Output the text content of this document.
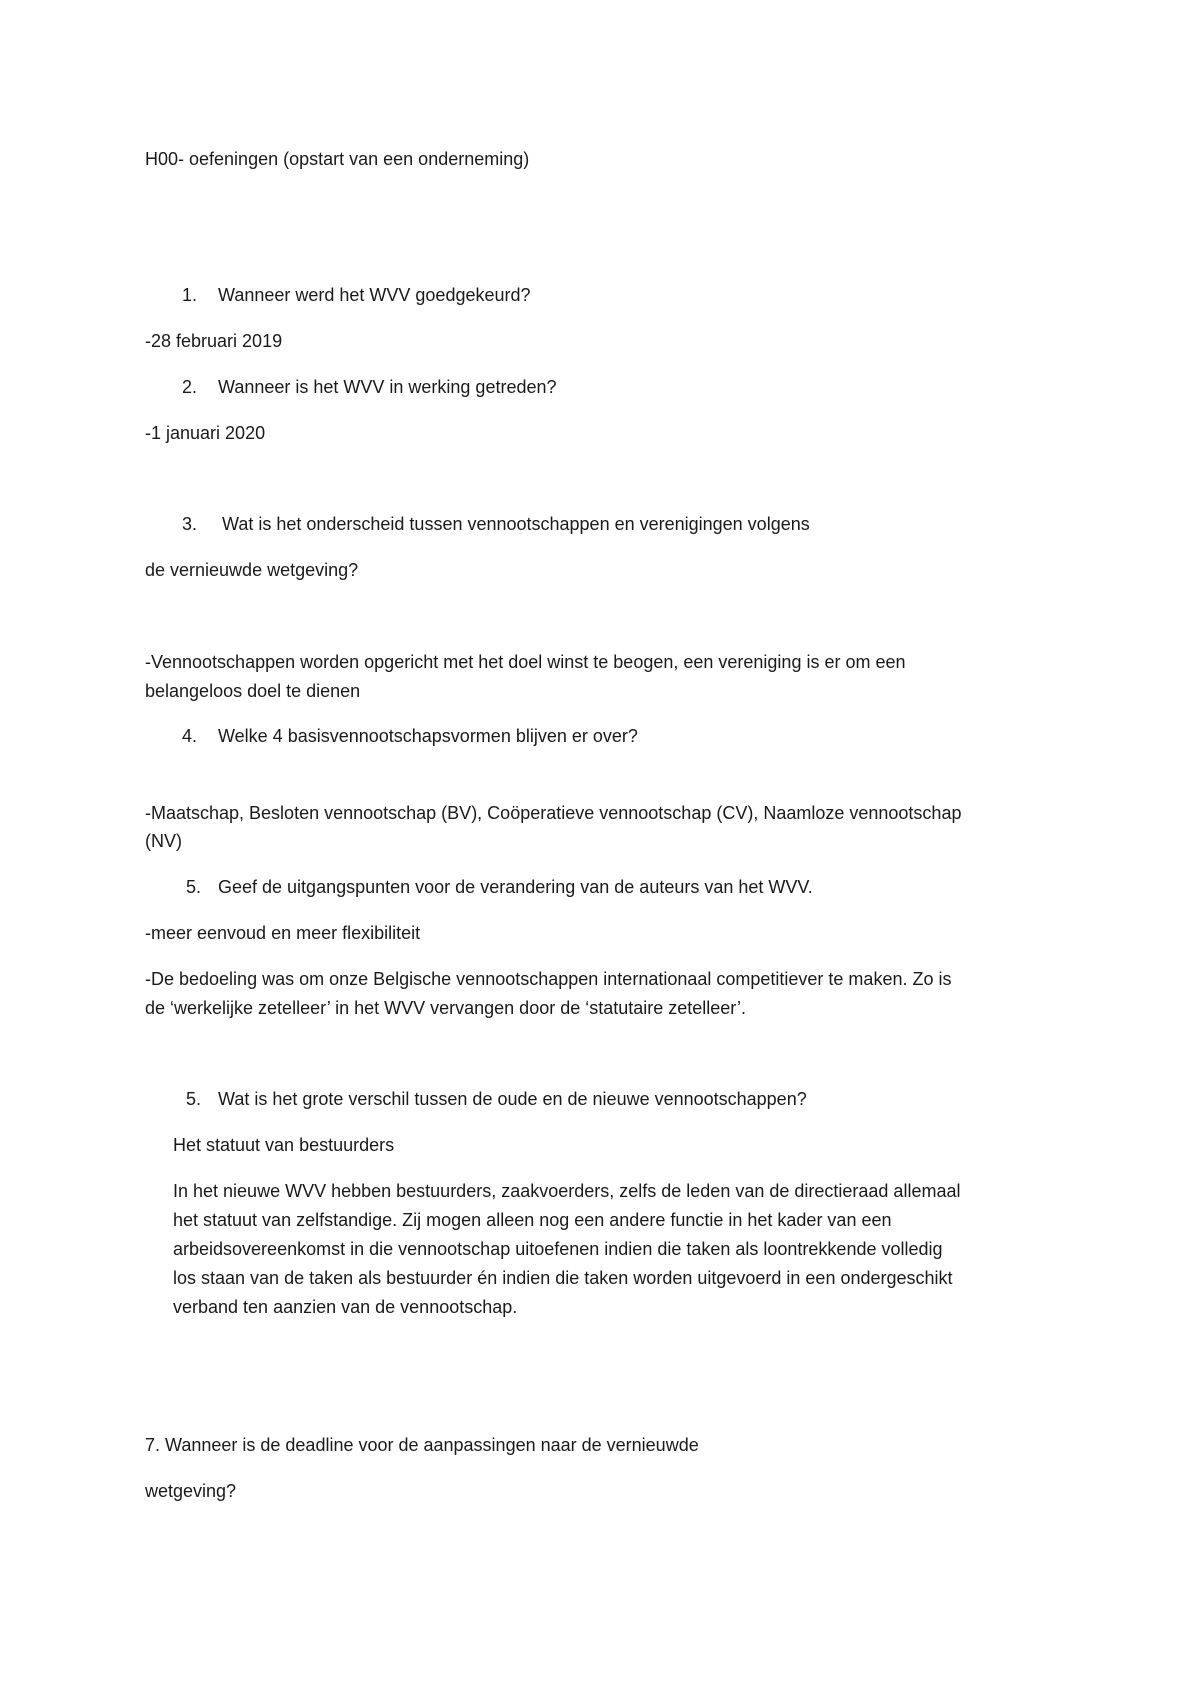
H00- oefeningen (opstart van een onderneming)
1. Wanneer werd het WVV goedgekeurd?
-28 februari 2019
2. Wanneer is het WVV in werking getreden?
-1 januari 2020
3. Wat is het onderscheid tussen vennootschappen en verenigingen volgens
de vernieuwde wetgeving?
-Vennootschappen worden opgericht met het doel winst te beogen, een vereniging is er om een
belangeloos doel te dienen
4. Welke 4 basisvennootschapsvormen blijven er over?
-Maatschap, Besloten vennootschap (BV), Coöperatieve vennootschap (CV), Naamloze vennootschap
(NV)
5. Geef de uitgangspunten voor de verandering van de auteurs van het WVV.
-meer eenvoud en meer flexibiliteit
-De bedoeling was om onze Belgische vennootschappen internationaal competitiever te maken. Zo is
de ‘werkelijke zetelleer’ in het WVV vervangen door de ‘statutaire zetelleer’.
5. Wat is het grote verschil tussen de oude en de nieuwe vennootschappen?
Het statuut van bestuurders
In het nieuwe WVV hebben bestuurders, zaakvoerders, zelfs de leden van de directieraad allemaal
het statuut van zelfstandige. Zij mogen alleen nog een andere functie in het kader van een
arbeidsovereenkomst in die vennootschap uitoefenen indien die taken als loontrekkende volledig
los staan van de taken als bestuurder én indien die taken worden uitgevoerd in een ondergeschikt
verband ten aanzien van de vennootschap.
7. Wanneer is de deadline voor de aanpassingen naar de vernieuwde
wetgeving?
